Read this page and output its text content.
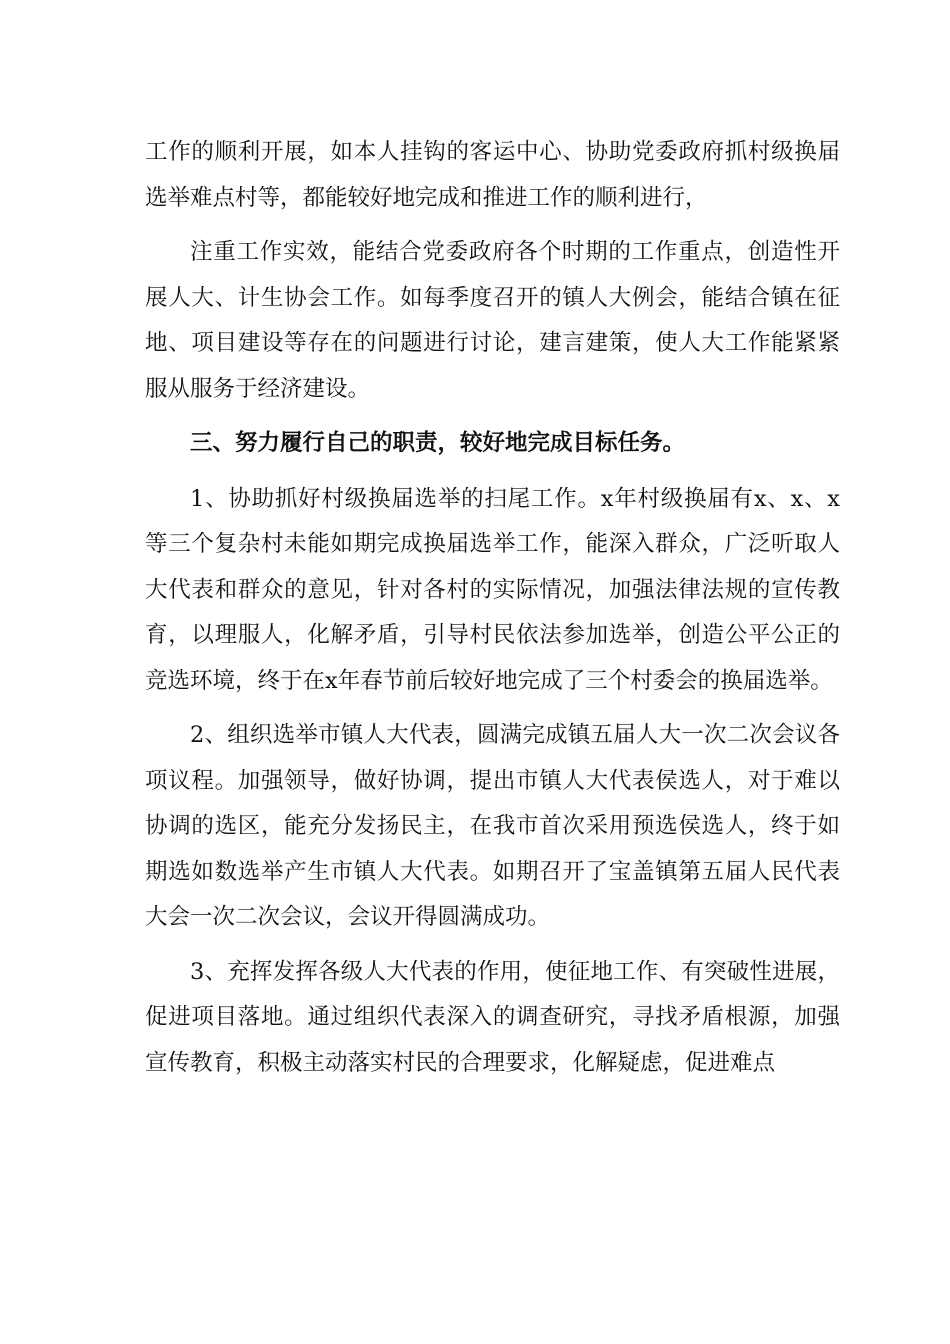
工作的顺利开展，如本人挂钩的客运中心、协助党委政府抓村级换届选举难点村等，都能较好地完成和推进工作的顺利进行，

注重工作实效，能结合党委政府各个时期的工作重点，创造性开展人大、计生协会工作。如每季度召开的镇人大例会，能结合镇在征地、项目建设等存在的问题进行讨论，建言建策，使人大工作能紧紧服从服务于经济建设。

三、努力履行自己的职责，较好地完成目标任务。

1、协助抓好村级换届选举的扫尾工作。x年村级换届有x、x、x等三个复杂村未能如期完成换届选举工作，能深入群众，广泛听取人大代表和群众的意见，针对各村的实际情况，加强法律法规的宣传教育，以理服人，化解矛盾，引导村民依法参加选举，创造公平公正的竞选环境，终于在x年春节前后较好地完成了三个村委会的换届选举。

2、组织选举市镇人大代表，圆满完成镇五届人大一次二次会议各项议程。加强领导，做好协调，提出市镇人大代表侯选人，对于难以协调的选区，能充分发扬民主，在我市首次采用预选侯选人，终于如期选如数选举产生市镇人大代表。如期召开了宝盖镇第五届人民代表大会一次二次会议，会议开得圆满成功。

3、充挥发挥各级人大代表的作用，使征地工作、有突破性进展，促进项目落地。通过组织代表深入的调查研究，寻找矛盾根源，加强宣传教育，积极主动落实村民的合理要求，化解疑虑，促进难点
